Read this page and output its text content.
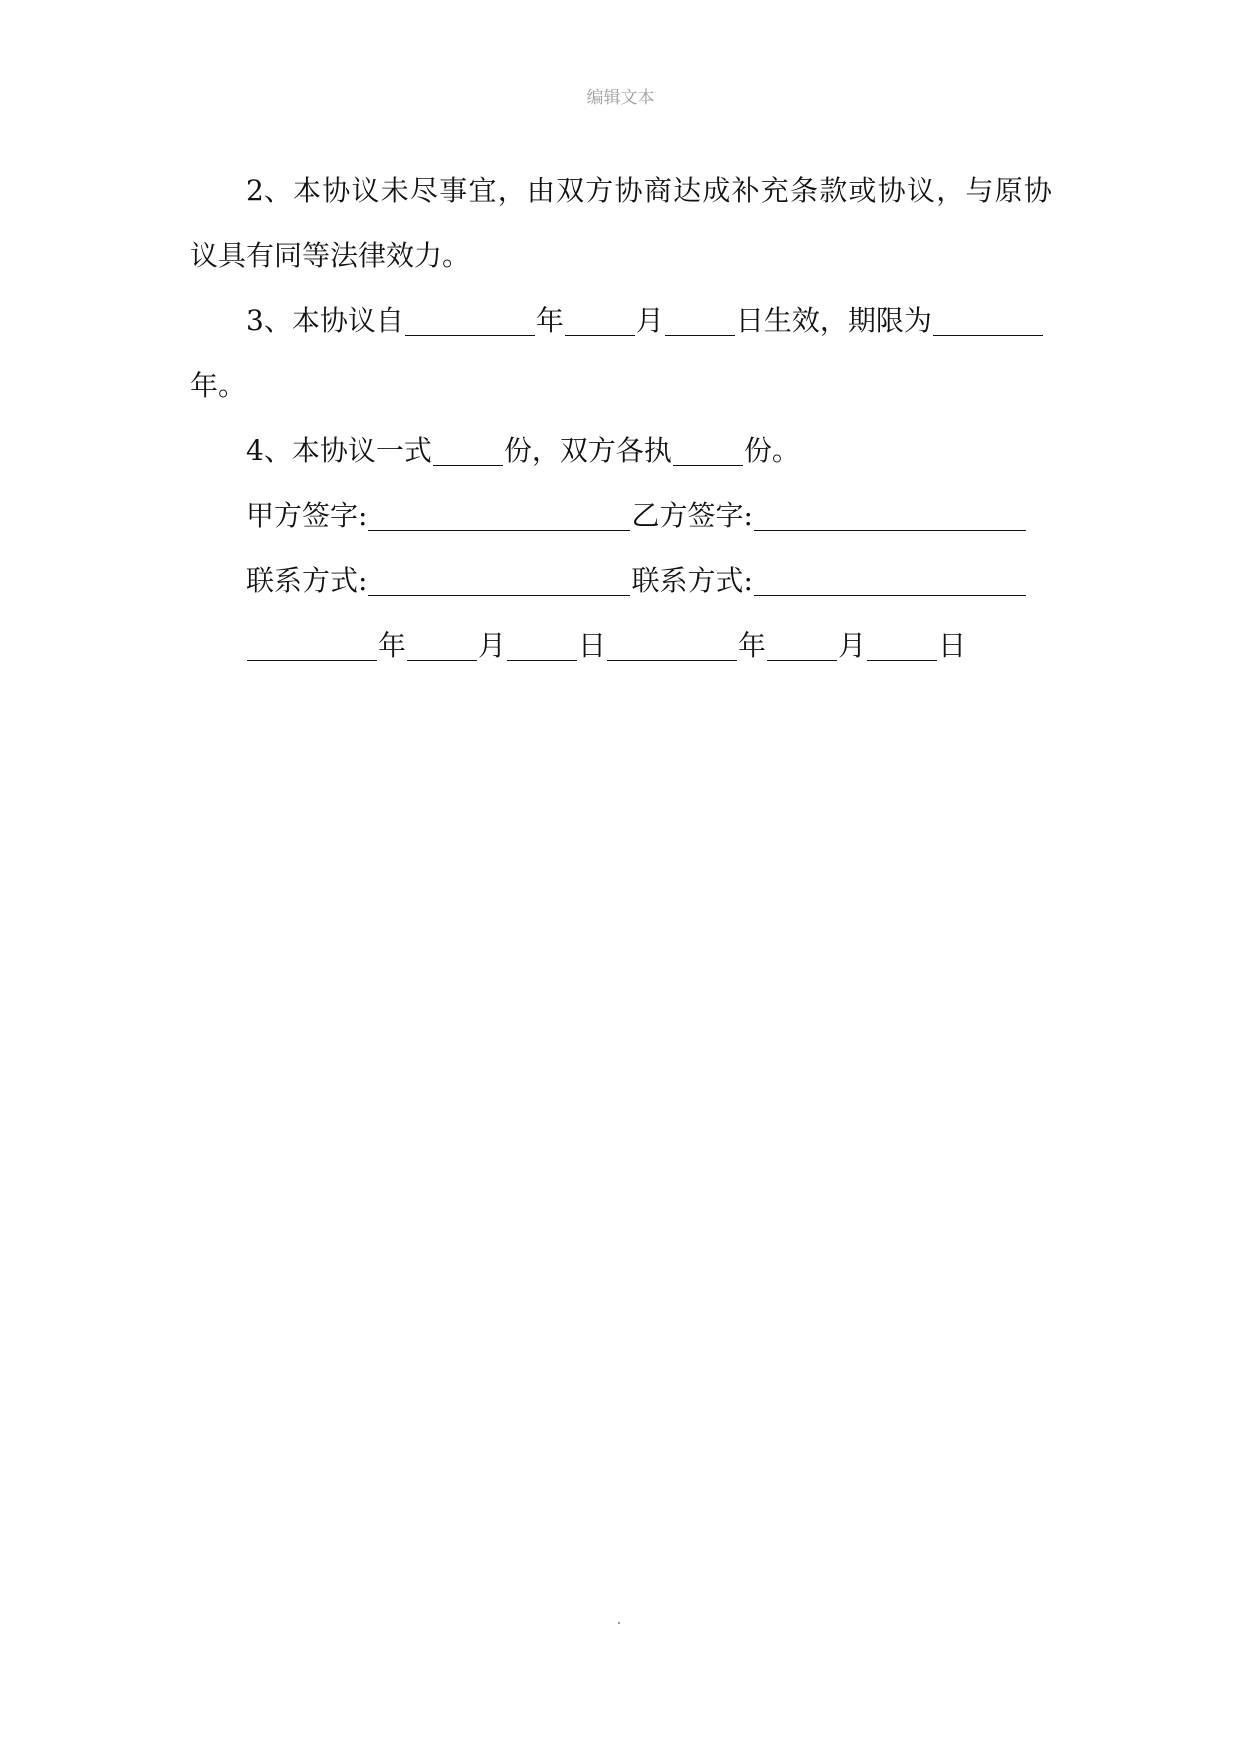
编辑文本
2、 本 协 议 未 尽 事 宜 ， 由 双 方 协 商 达 成 补 充 条 款 或 协 议 ， 与 原 协
议具有同等法律效力。
3、本协议自	年	月	日生效，期限为
年。
4、本协议一式	份，双方各执	份。
甲方签字:	乙方签字:
联系方式:	联系方式:
年	月	日	年	月	日
